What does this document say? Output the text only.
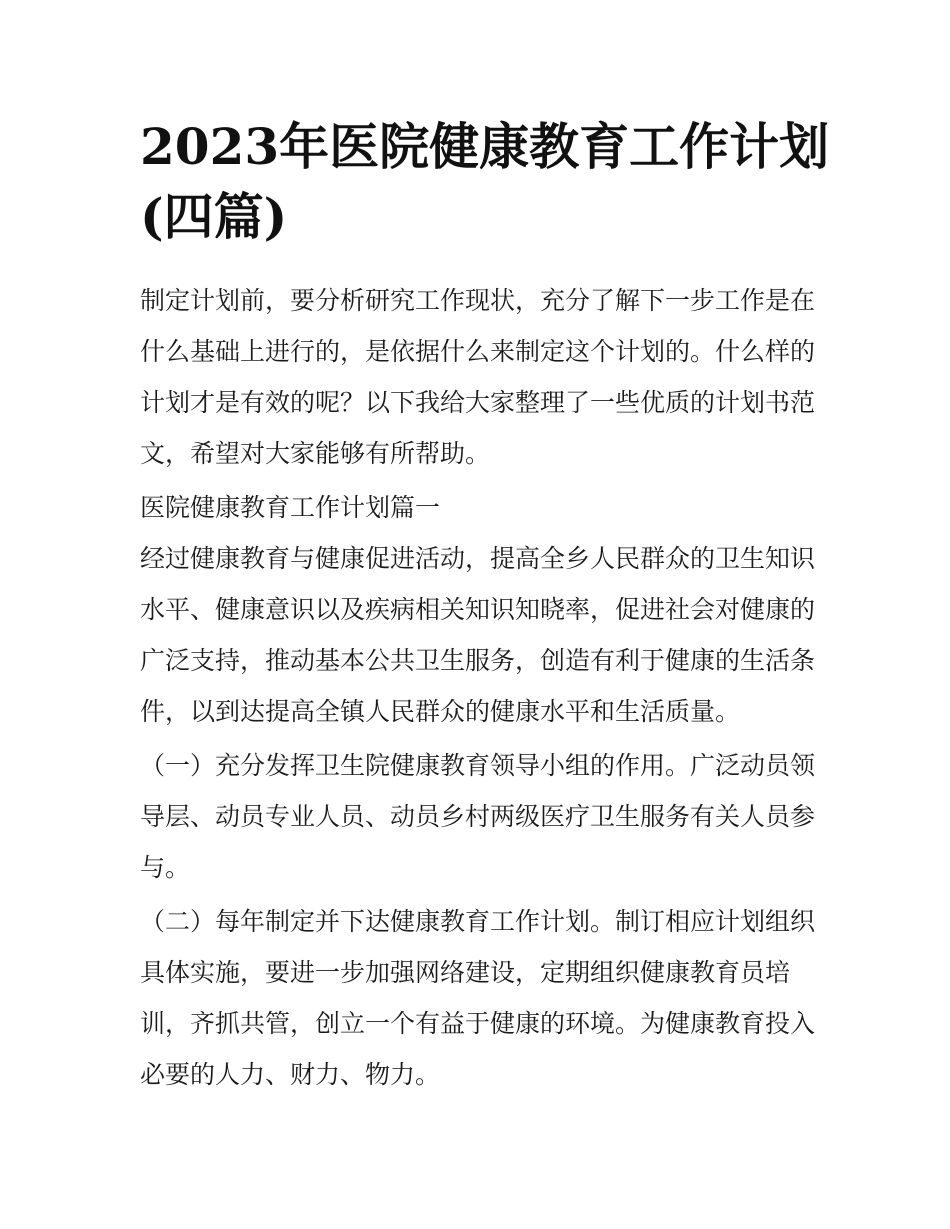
2023年医院健康教育工作计划
(四篇)

制定计划前，要分析研究工作现状，充分了解下一步工作是在
什么基础上进行的，是依据什么来制定这个计划的。什么样的
计划才是有效的呢？以下我给大家整理了一些优质的计划书范
文，希望对大家能够有所帮助。

医院健康教育工作计划篇一

经过健康教育与健康促进活动，提高全乡人民群众的卫生知识
水平、健康意识以及疾病相关知识知晓率，促进社会对健康的
广泛支持，推动基本公共卫生服务，创造有利于健康的生活条
件，以到达提高全镇人民群众的健康水平和生活质量。

（一）充分发挥卫生院健康教育领导小组的作用。广泛动员领
导层、动员专业人员、动员乡村两级医疗卫生服务有关人员参
与。

（二）每年制定并下达健康教育工作计划。制订相应计划组织
具体实施，要进一步加强网络建设，定期组织健康教育员培
训，齐抓共管，创立一个有益于健康的环境。为健康教育投入
必要的人力、财力、物力。
